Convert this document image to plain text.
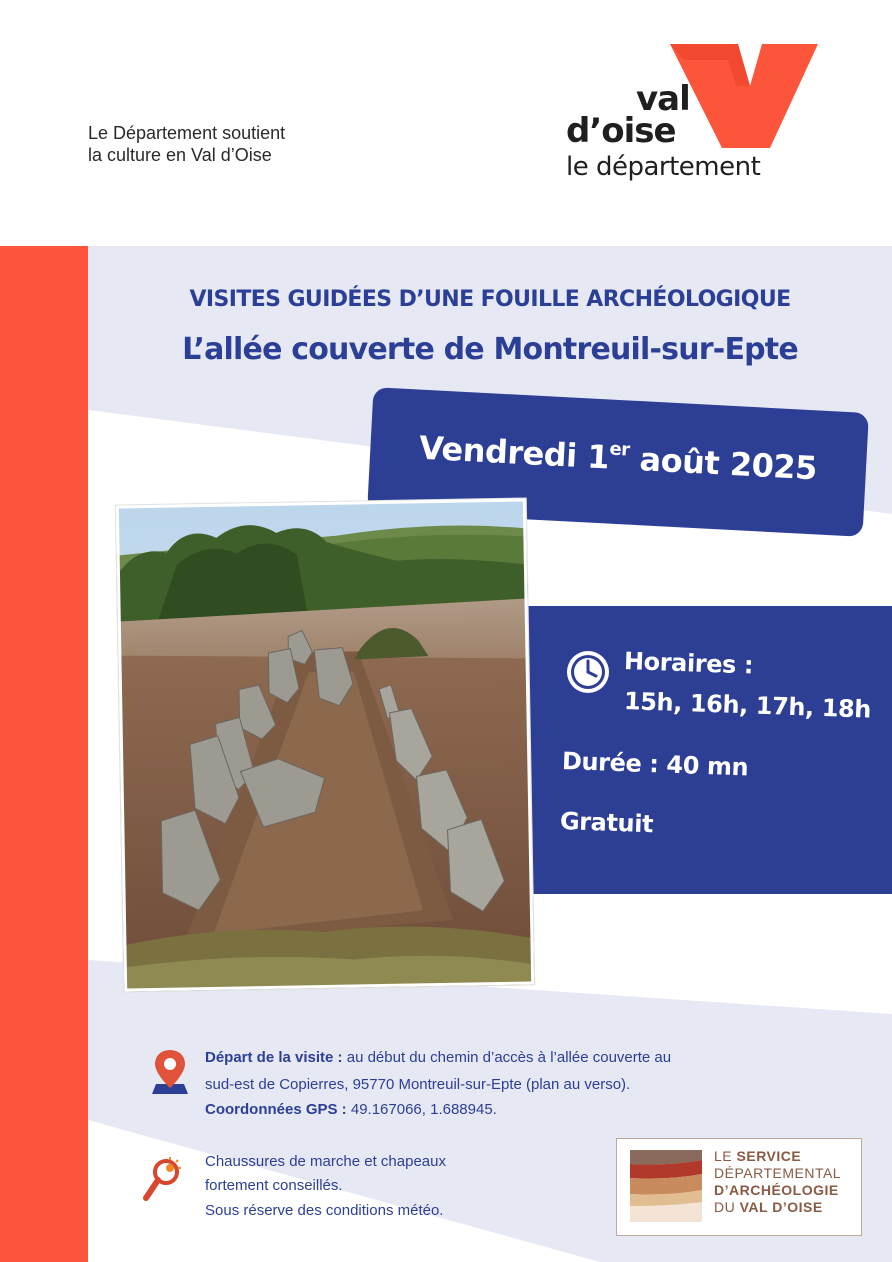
Le Département soutient
la culture en Val d’Oise
val
d’oise
le département
VISITES GUIDÉES D’UNE FOUILLE ARCHÉOLOGIQUE
L’allée couverte de Montreuil-sur-Epte
Vendredi 1er août 2025
Horaires :
15h, 16h, 17h, 18h
Durée : 40 mn
Gratuit
Départ de la visite : au début du chemin d’accès à l’allée couverte au
sud-est de Copierres, 95770 Montreuil-sur-Epte (plan au verso).
Coordonnées GPS : 49.167066, 1.688945.
Chaussures de marche et chapeaux
fortement conseillés.
Sous réserve des conditions météo.
LE SERVICE
DÉPARTEMENTAL
D’ARCHÉOLOGIE
DU VAL D’OISE
